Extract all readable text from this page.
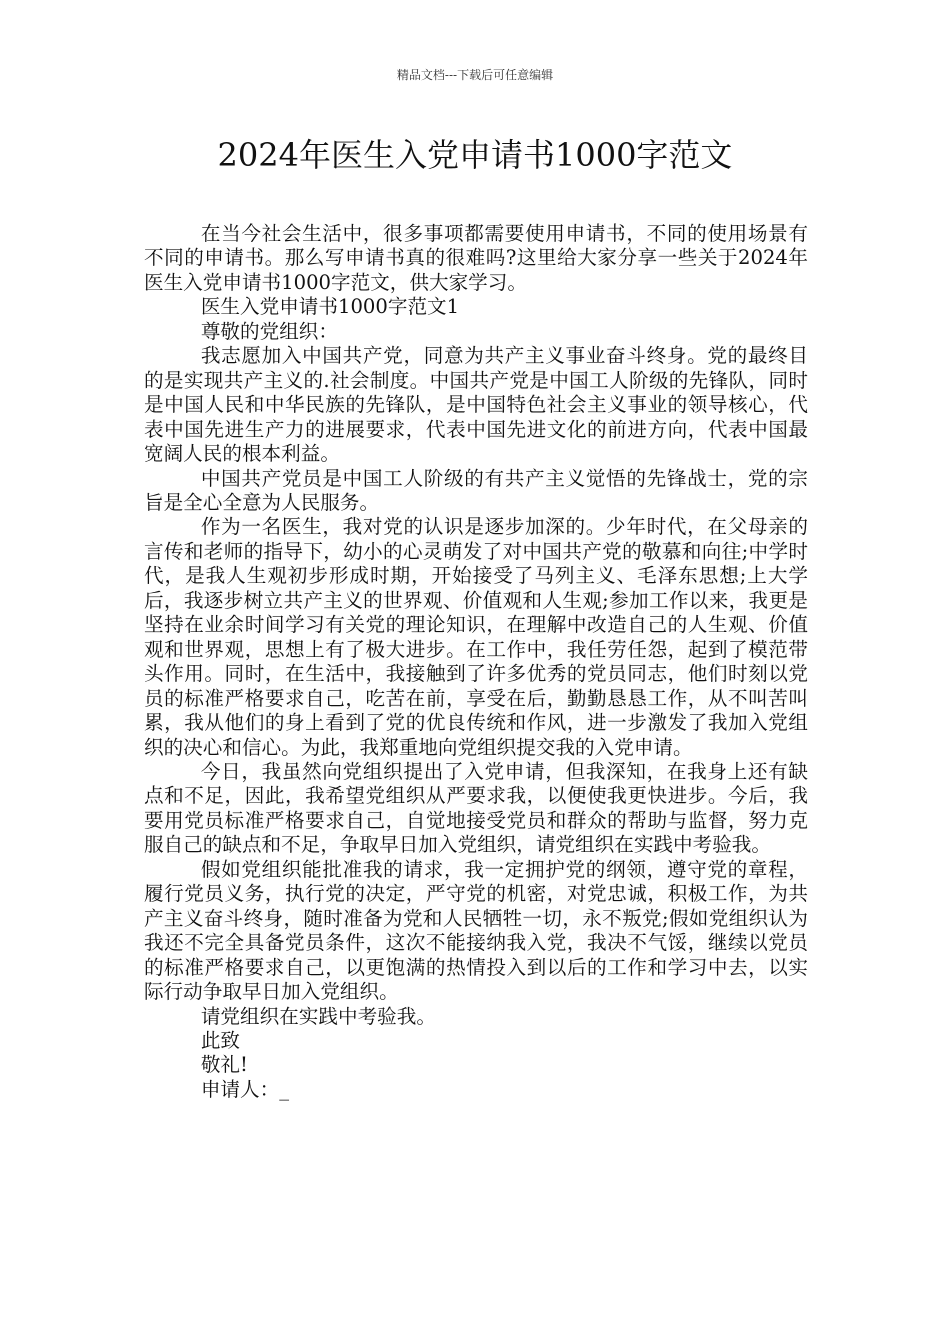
精品文档---下载后可任意编辑
2024年医生入党申请书1000字范文

在当今社会生活中，很多事项都需要使用申请书，不同的使用场景有不同的申请书。那么写申请书真的很难吗?这里给大家分享一些关于2024年医生入党申请书1000字范文，供大家学习。

医生入党申请书1000字范文1

尊敬的党组织：

我志愿加入中国共产党，同意为共产主义事业奋斗终身。党的最终目的是实现共产主义的.社会制度。中国共产党是中国工人阶级的先锋队，同时是中国人民和中华民族的先锋队，是中国特色社会主义事业的领导核心，代表中国先进生产力的进展要求，代表中国先进文化的前进方向，代表中国最宽阔人民的根本利益。

中国共产党员是中国工人阶级的有共产主义觉悟的先锋战士，党的宗旨是全心全意为人民服务。

作为一名医生，我对党的认识是逐步加深的。少年时代，在父母亲的言传和老师的指导下，幼小的心灵萌发了对中国共产党的敬慕和向往;中学时代，是我人生观初步形成时期，开始接受了马列主义、毛泽东思想;上大学后，我逐步树立共产主义的世界观、价值观和人生观;参加工作以来，我更是坚持在业余时间学习有关党的理论知识，在理解中改造自己的人生观、价值观和世界观，思想上有了极大进步。在工作中，我任劳任怨，起到了模范带头作用。同时，在生活中，我接触到了许多优秀的党员同志，他们时刻以党员的标准严格要求自己，吃苦在前，享受在后，勤勤恳恳工作，从不叫苦叫累，我从他们的身上看到了党的优良传统和作风，进一步激发了我加入党组织的决心和信心。为此，我郑重地向党组织提交我的入党申请。

今日，我虽然向党组织提出了入党申请，但我深知，在我身上还有缺点和不足，因此，我希望党组织从严要求我，以便使我更快进步。今后，我要用党员标准严格要求自己，自觉地接受党员和群众的帮助与监督，努力克服自己的缺点和不足，争取早日加入党组织，请党组织在实践中考验我。

假如党组织能批准我的请求，我一定拥护党的纲领，遵守党的章程，履行党员义务，执行党的决定，严守党的机密，对党忠诚，积极工作，为共产主义奋斗终身，随时准备为党和人民牺牲一切，永不叛党;假如党组织认为我还不完全具备党员条件，这次不能接纳我入党，我决不气馁，继续以党员的标准严格要求自己，以更饱满的热情投入到以后的工作和学习中去，以实际行动争取早日加入党组织。

请党组织在实践中考验我。

此致

敬礼!

申请人：_
